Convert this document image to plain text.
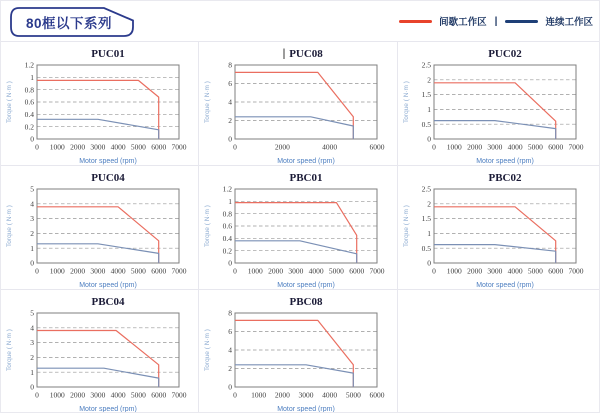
80框以下系列	间歇工作区 |	连续工作区
PUC01
0
0.2
0.4
0.6
0.8
1
1.2
0 1000 2000 3000 4000 5000 6000 7000
Torque ( N·m )
Motor speed (rpm)
PUC08
0
2
4
6
8
0	2000	4000	6000
Torque ( N·m )
Motor speed (rpm)
PUC02
0
0.5
1
1.5
2
2.5
0 1000 2000 3000 4000 5000 6000 7000
Torque ( N·m )
Motor speed (rpm)
PUC04
0
1
2
3
4
5
0 1000 2000 3000 4000 5000 6000 7000
Torque ( N·m )
Motor speed (rpm)
PBC01
0
0.2
0.4
0.6
0.8
1
1.2
0 1000 2000 3000 4000 5000 6000 7000
Torque ( N·m )
Motor speed (rpm)
PBC02
0
0.5
1
1.5
2
2.5
0 1000 2000 3000 4000 5000 6000 7000
Torque ( N·m )
Motor speed (rpm)
PBC04
0
1
2
3
4
5
0 1000 2000 3000 4000 5000 6000 7000
Torque ( N·m )
Motor speed (rpm)
PBC08
0
2
4
6
8
0 1000 2000 3000 4000 5000 6000
Torque ( N·m )
Motor speed (rpm)
